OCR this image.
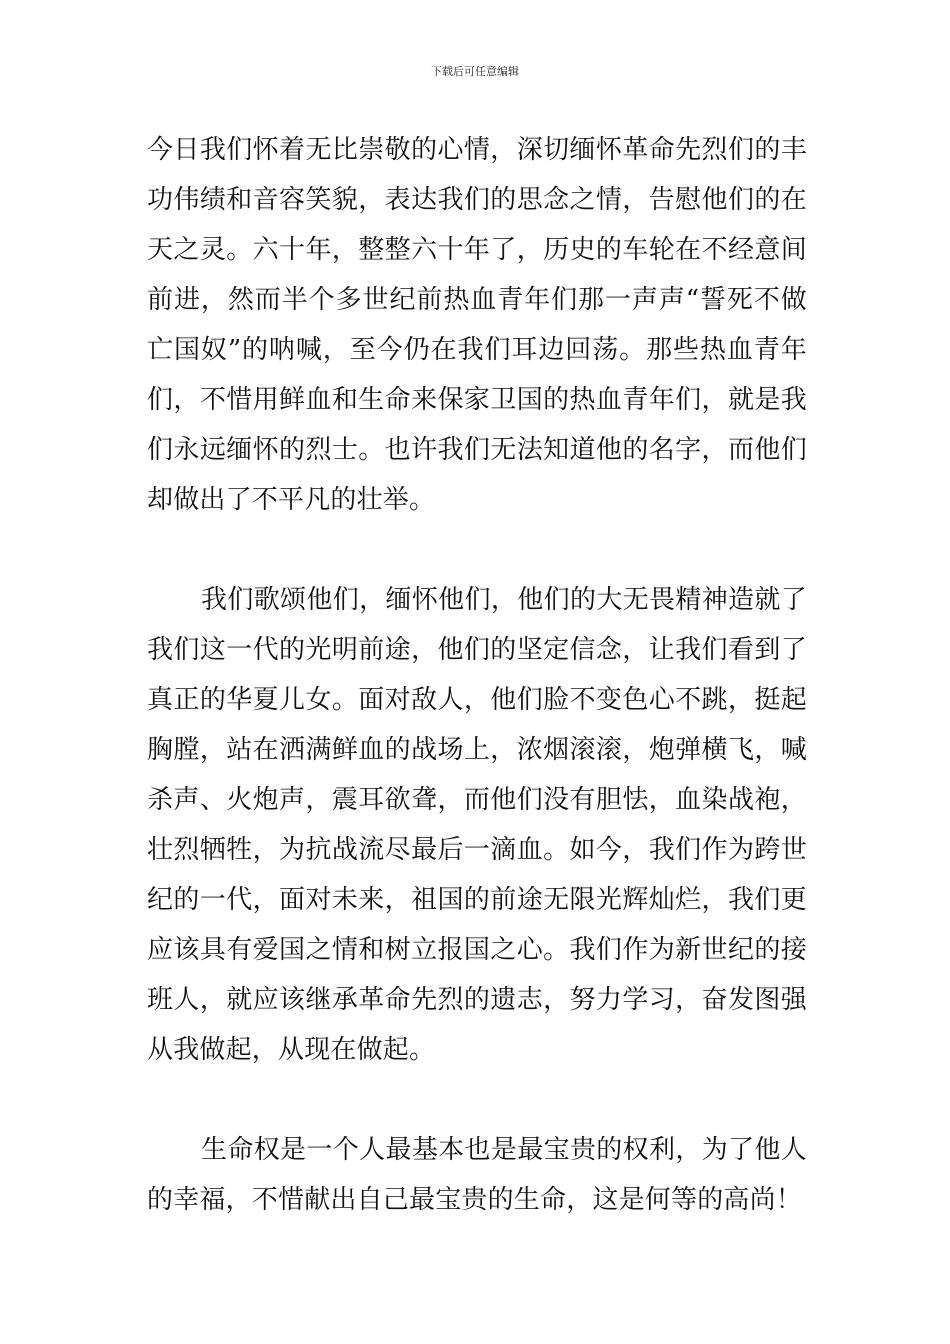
下载后可任意编辑

今日我们怀着无比崇敬的心情，深切缅怀革命先烈们的丰功伟绩和音容笑貌，表达我们的思念之情，告慰他们的在天之灵。六十年，整整六十年了，历史的车轮在不经意间前进，然而半个多世纪前热血青年们那一声声“誓死不做亡国奴”的呐喊，至今仍在我们耳边回荡。那些热血青年们，不惜用鲜血和生命来保家卫国的热血青年们，就是我们永远缅怀的烈士。也许我们无法知道他的名字，而他们却做出了不平凡的壮举。

我们歌颂他们，缅怀他们，他们的大无畏精神造就了我们这一代的光明前途，他们的坚定信念，让我们看到了真正的华夏儿女。面对敌人，他们脸不变色心不跳，挺起胸膛，站在洒满鲜血的战场上，浓烟滚滚，炮弹横飞，喊杀声、火炮声，震耳欲聋，而他们没有胆怯，血染战袍，壮烈牺牲，为抗战流尽最后一滴血。如今，我们作为跨世纪的一代，面对未来，祖国的前途无限光辉灿烂，我们更应该具有爱国之情和树立报国之心。我们作为新世纪的接班人，就应该继承革命先烈的遗志，努力学习，奋发图强从我做起，从现在做起。

生命权是一个人最基本也是最宝贵的权利，为了他人的幸福，不惜献出自己最宝贵的生命，这是何等的高尚！
